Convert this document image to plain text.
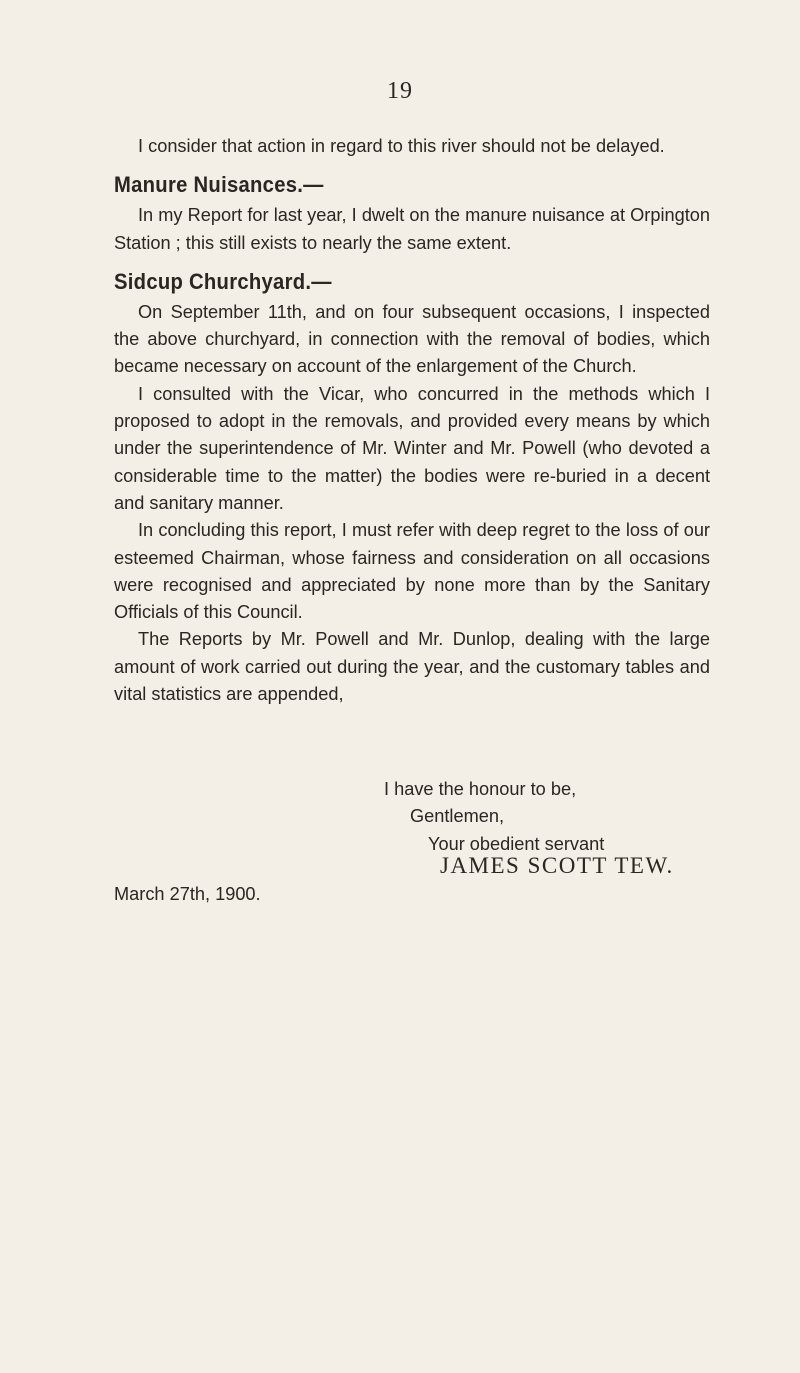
19

I consider that action in regard to this river should not be delayed.

Manure Nuisances.—

In my Report for last year, I dwelt on the manure nuisance at Orpington Station ; this still exists to nearly the same extent.

Sidcup Churchyard.—

On September 11th, and on four subsequent occasions, I inspected the above churchyard, in connection with the removal of bodies, which became necessary on account of the enlargement of the Church.

I consulted with the Vicar, who concurred in the methods which I proposed to adopt in the removals, and provided every means by which under the superintendence of Mr. Winter and Mr. Powell (who devoted a considerable time to the matter) the bodies were re-buried in a decent and sanitary manner.

In concluding this report, I must refer with deep regret to the loss of our esteemed Chairman, whose fairness and consideration on all occasions were recognised and appreciated by none more than by the Sanitary Officials of this Council.

The Reports by Mr. Powell and Mr. Dunlop, dealing with the large amount of work carried out during the year, and the customary tables and vital statistics are appended,

I have the honour to be,
Gentlemen,
Your obedient servant
JAMES SCOTT TEW.
March 27th, 1900.
